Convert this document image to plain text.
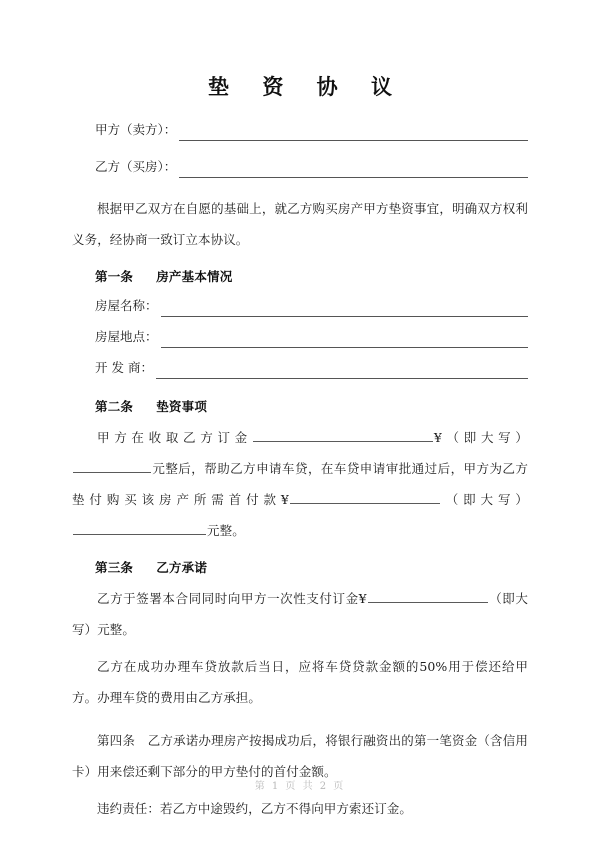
垫 资 协 议
甲方（卖方）：
乙方（买房）：

根据甲乙双方在自愿的基础上，就乙方购买房产甲方垫资事宜，明确双方权利义务，经协商一致订立本协议。

第一条 房产基本情况
房屋名称：
房屋地点：
开 发 商：
第二条 垫资事项

甲方在收取乙方订金	¥（即大写）元整后，帮助乙方申请车贷，在车贷申请审批通过后，甲方为乙方垫付购买该房产所需首付款¥	（即大写）元整。

第三条 乙方承诺

乙方于签署本合同同时向甲方一次性支付订金¥	（即大写）元整。

乙方在成功办理车贷放款后当日，应将车贷贷款金额的50%用于偿还给甲方。办理车贷的费用由乙方承担。

第四条　乙方承诺办理房产按揭成功后，将银行融资出的第一笔资金（含信用卡）用来偿还剩下部分的甲方垫付的首付金额。

违约责任：若乙方中途毁约，乙方不得向甲方索还订金。

第 1 页 共 2 页
